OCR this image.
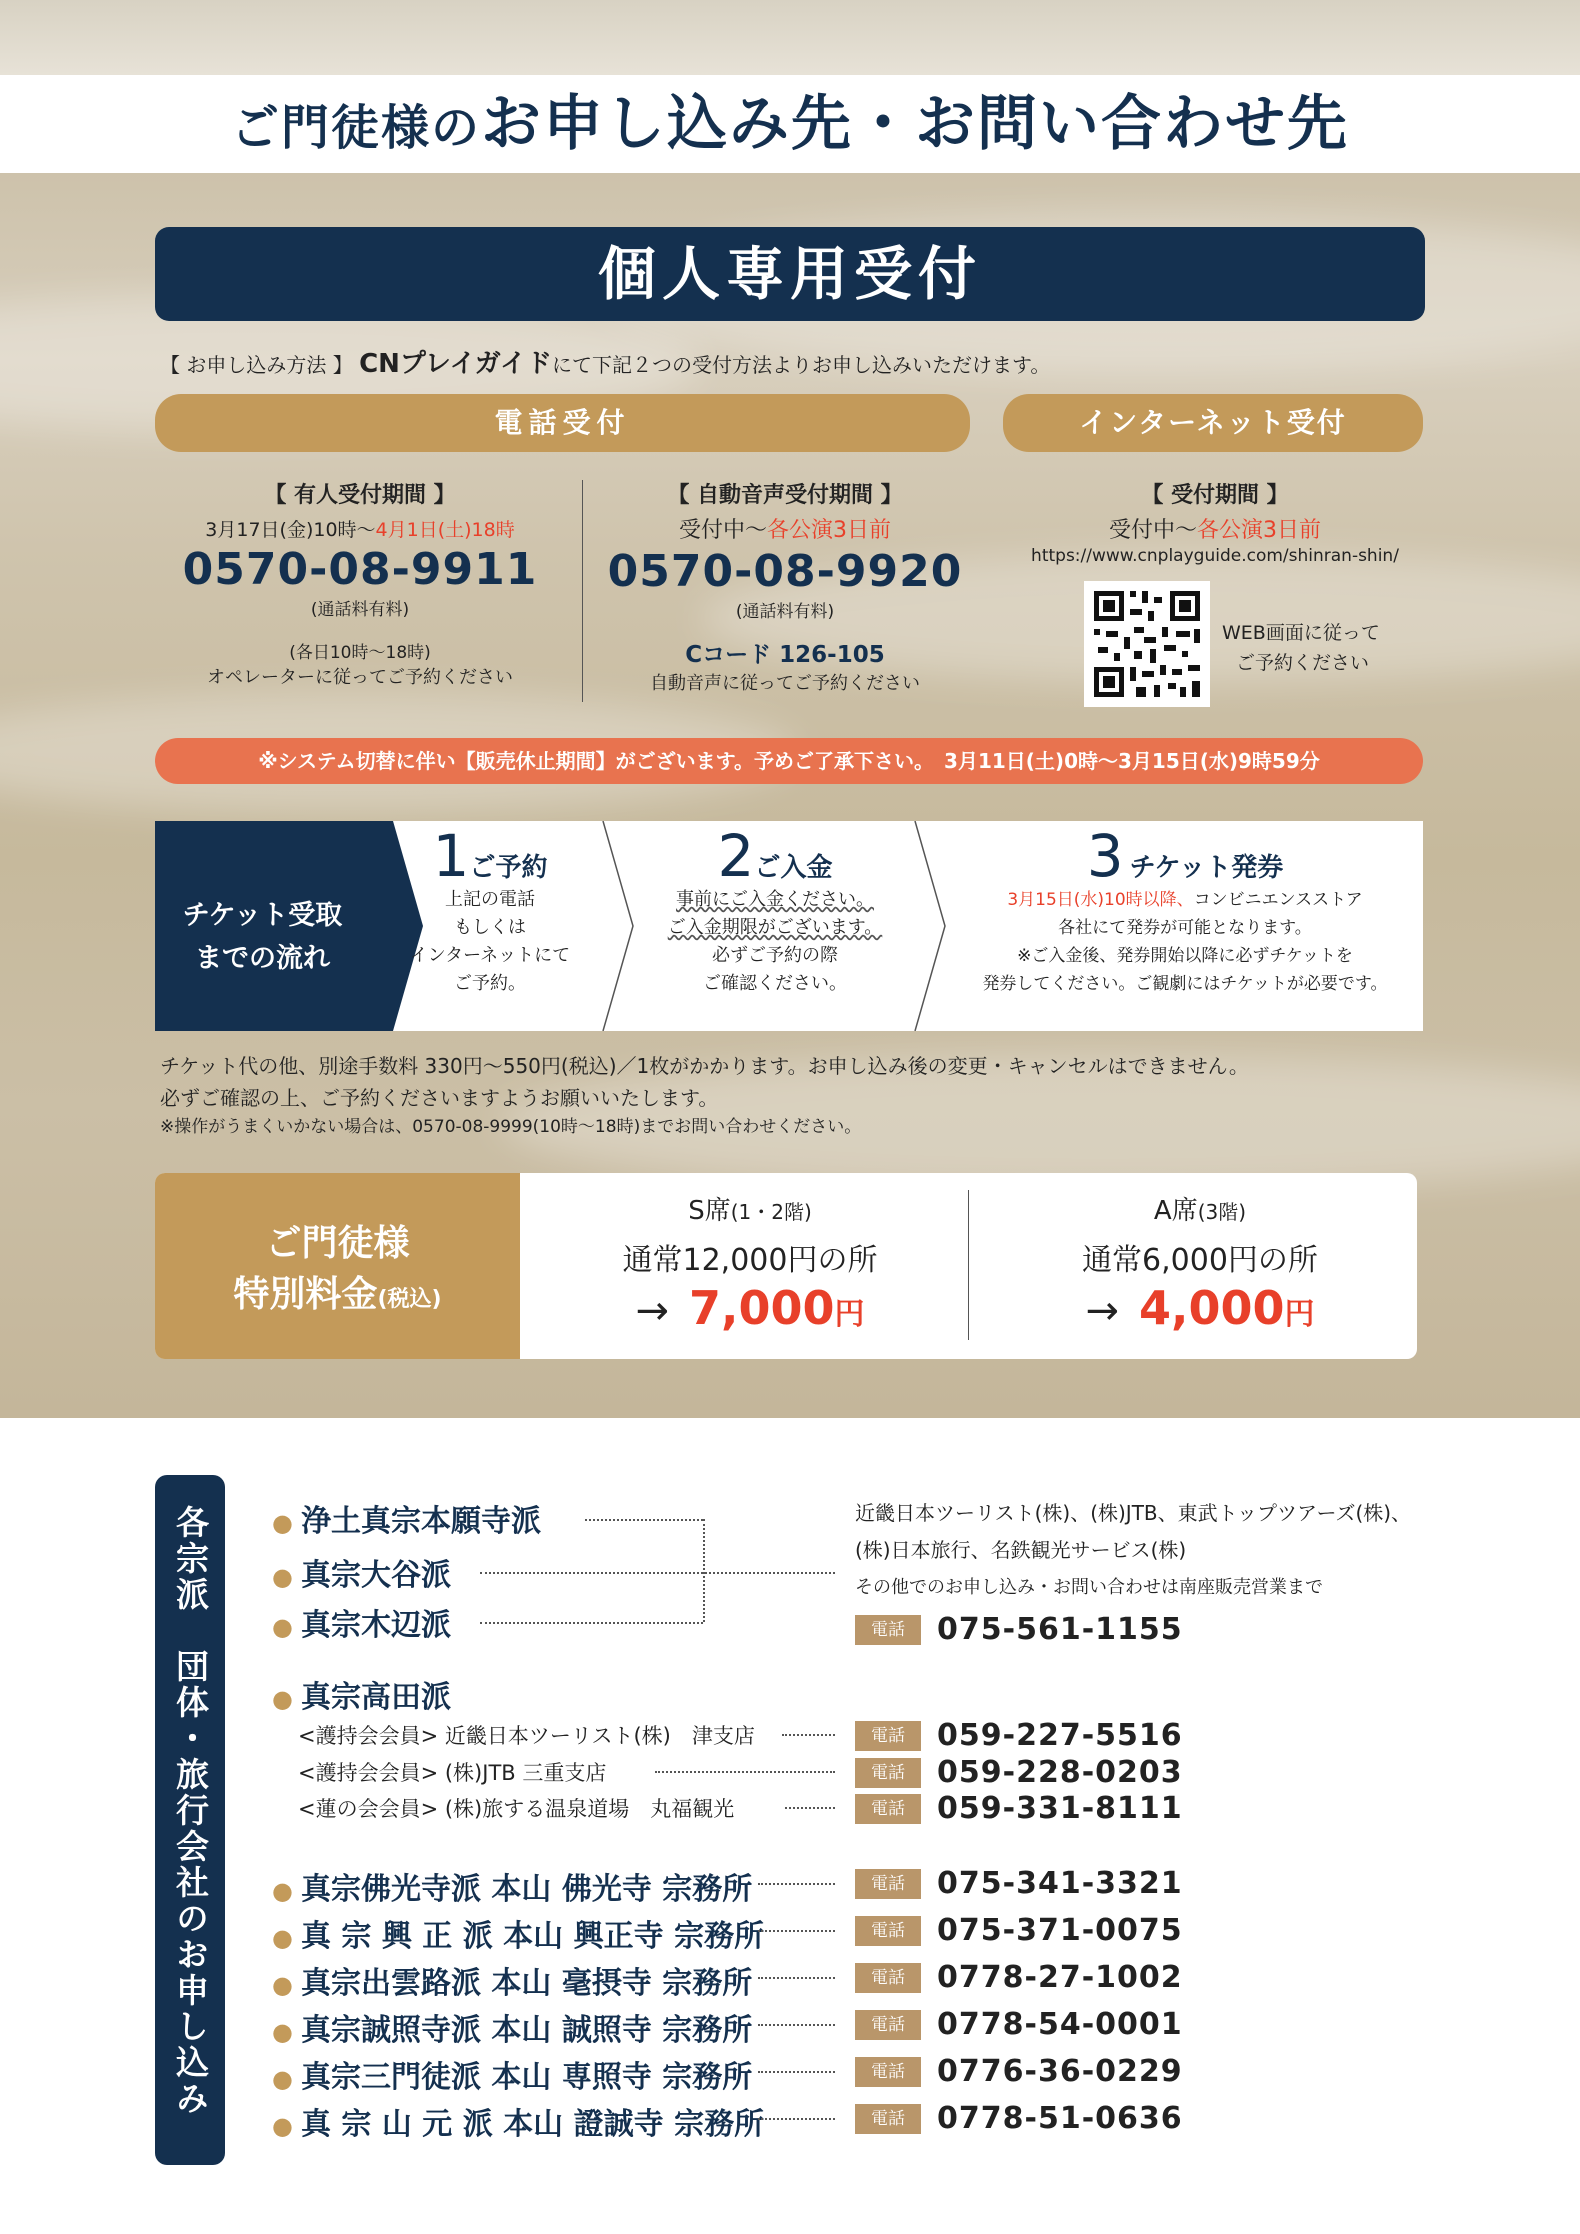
ご門徒様のお申し込み先・お問い合わせ先
個人専用受付
【 お申し込み方法 】 CNプレイガイドにて下記２つの受付方法よりお申し込みいただけます。
電話受付	インターネット受付
【 有人受付期間 】
3月17日(金)10時〜4月1日(土)18時
0570-08-9911
(通話料有料)
(各日10時〜18時)
オペレーターに従ってご予約ください
【 自動音声受付期間 】
受付中〜各公演3日前
0570-08-9920
(通話料有料)
Cコード 126-105
自動音声に従ってご予約ください
【 受付期間 】
受付中〜各公演3日前
https://www.cnplayguide.com/shinran-shin/
WEB画面に従って
ご予約ください
※システム切替に伴い【販売休止期間】がございます。予めご了承下さい。　3月11日(土)0時〜3月15日(水)9時59分
チケット受取
までの流れ
1ご予約
上記の電話
もしくは
インターネットにて
ご予約。
2ご入金
事前にご入金ください。
ご入金期限がございます。
必ずご予約の際
ご確認ください。
3 チケット発券
3月15日(水)10時以降、コンビニエンスストア
各社にて発券が可能となります。
※ご入金後、発券開始以降に必ずチケットを
発券してください。ご観劇にはチケットが必要です。
チケット代の他、別途手数料 330円〜550円(税込)／1枚がかかります。お申し込み後の変更・キャンセルはできません。
必ずご確認の上、ご予約くださいますようお願いいたします。
※操作がうまくいかない場合は、0570-08-9999(10時〜18時)までお問い合わせください。
ご門徒様
特別料金(税込)
S席(1・2階)
通常12,000円の所
→ 7,000円
A席(3階)
通常6,000円の所
→ 4,000円
各宗派　団体・旅行会社のお申し込み	● 浄土真宗本願寺派
● 真宗大谷派
● 真宗木辺派
近畿日本ツーリスト(株)、(株)JTB、東武トップツアーズ(株)、
(株)日本旅行、名鉄観光サービス(株)
その他でのお申し込み・お問い合わせは南座販売営業まで
電話 075-561-1155
● 真宗高田派
<護持会会員> 近畿日本ツーリスト(株)　津支店	電話 059-227-5516
<護持会会員> (株)JTB 三重支店	電話 059-228-0203
<蓮の会会員> (株)旅する温泉道場　丸福観光	電話 059-331-8111
● 真宗佛光寺派 本山 佛光寺 宗務所	電話 075-341-3321
● 真 宗 興 正 派 本山 興正寺 宗務所	電話 075-371-0075
● 真宗出雲路派 本山 毫摂寺 宗務所	電話 0778-27-1002
● 真宗誠照寺派 本山 誠照寺 宗務所	電話 0778-54-0001
● 真宗三門徒派 本山 専照寺 宗務所	電話 0776-36-0229
● 真 宗 山 元 派 本山 證誠寺 宗務所	電話 0778-51-0636
